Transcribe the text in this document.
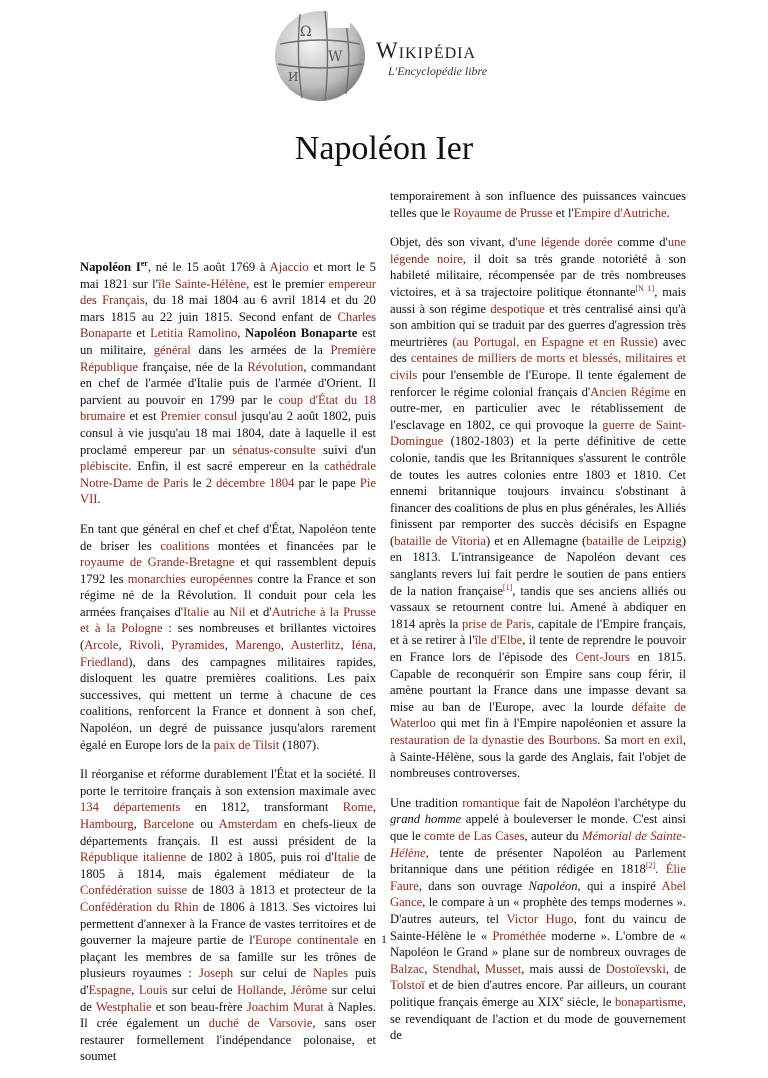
Ω
W
И
Wikipédia
L'Encyclopédie libre
Napoléon Ier

Napoléon Ier, né le 15 août 1769 à Ajaccio et mort le 5 mai 1821 sur l'île Sainte-Hélène, est le premier empereur des Français, du 18 mai 1804 au 6 avril 1814 et du 20 mars 1815 au 22 juin 1815. Second enfant de Charles Bonaparte et Letitia Ramolino, Napoléon Bonaparte est un militaire, général dans les armées de la Première République française, née de la Révolution, commandant en chef de l'armée d'Italie puis de l'armée d'Orient. Il parvient au pouvoir en 1799 par le coup d'État du 18 brumaire et est Premier consul jusqu'au 2 août 1802, puis consul à vie jusqu'au 18 mai 1804, date à laquelle il est proclamé empereur par un sénatus-consulte suivi d'un plébiscite. Enfin, il est sacré empereur en la cathédrale Notre-Dame de Paris le 2 décembre 1804 par le pape Pie VII.

En tant que général en chef et chef d'État, Napoléon tente de briser les coalitions montées et financées par le royaume de Grande-Bretagne et qui rassemblent depuis 1792 les monarchies européennes contre la France et son régime né de la Révolution. Il conduit pour cela les armées françaises d'Italie au Nil et d'Autriche à la Prusse et à la Pologne : ses nombreuses et brillantes victoires (Arcole, Rivoli, Pyramides, Marengo, Austerlitz, Iéna, Friedland), dans des campagnes militaires rapides, disloquent les quatre premières coalitions. Les paix successives, qui mettent un terme à chacune de ces coalitions, renforcent la France et donnent à son chef, Napoléon, un degré de puissance jusqu'alors rarement égalé en Europe lors de la paix de Tilsit (1807).

Il réorganise et réforme durablement l'État et la société. Il porte le territoire français à son extension maximale avec 134 départements en 1812, transformant Rome, Hambourg, Barcelone ou Amsterdam en chefs-lieux de départements français. Il est aussi président de la République italienne de 1802 à 1805, puis roi d'Italie de 1805 à 1814, mais également médiateur de la Confédération suisse de 1803 à 1813 et protecteur de la Confédération du Rhin de 1806 à 1813. Ses victoires lui permettent d'annexer à la France de vastes territoires et de gouverner la majeure partie de l'Europe continentale en plaçant les membres de sa famille sur les trônes de plusieurs royaumes : Joseph sur celui de Naples puis d'Espagne, Louis sur celui de Hollande, Jérôme sur celui de Westphalie et son beau-frère Joachim Murat à Naples. Il crée également un duché de Varsovie, sans oser restaurer formellement l'indépendance polonaise, et soumet

temporairement à son influence des puissances vaincues telles que le Royaume de Prusse et l'Empire d'Autriche.

Objet, dès son vivant, d'une légende dorée comme d'une légende noire, il doit sa très grande notoriété à son habileté militaire, récompensée par de très nombreuses victoires, et à sa trajectoire politique étonnante[N 1], mais aussi à son régime despotique et très centralisé ainsi qu'à son ambition qui se traduit par des guerres d'agression très meurtrières (au Portugal, en Espagne et en Russie) avec des centaines de milliers de morts et blessés, militaires et civils pour l'ensemble de l'Europe. Il tente également de renforcer le régime colonial français d'Ancien Régime en outre-mer, en particulier avec le rétablissement de l'esclavage en 1802, ce qui provoque la guerre de Saint-Domingue (1802-1803) et la perte définitive de cette colonie, tandis que les Britanniques s'assurent le contrôle de toutes les autres colonies entre 1803 et 1810. Cet ennemi britannique toujours invaincu s'obstinant à financer des coalitions de plus en plus générales, les Alliés finissent par remporter des succès décisifs en Espagne (bataille de Vitoria) et en Allemagne (bataille de Leipzig) en 1813. L'intransigeance de Napoléon devant ces sanglants revers lui fait perdre le soutien de pans entiers de la nation française[1], tandis que ses anciens alliés ou vassaux se retournent contre lui. Amené à abdiquer en 1814 après la prise de Paris, capitale de l'Empire français, et à se retirer à l'île d'Elbe, il tente de reprendre le pouvoir en France lors de l'épisode des Cent-Jours en 1815. Capable de reconquérir son Empire sans coup férir, il amène pourtant la France dans une impasse devant sa mise au ban de l'Europe, avec la lourde défaite de Waterloo qui met fin à l'Empire napoléonien et assure la restauration de la dynastie des Bourbons. Sa mort en exil, à Sainte-Hélène, sous la garde des Anglais, fait l'objet de nombreuses controverses.

Une tradition romantique fait de Napoléon l'archétype du grand homme appelé à bouleverser le monde. C'est ainsi que le comte de Las Cases, auteur du Mémorial de Sainte-Hélène, tente de présenter Napoléon au Parlement britannique dans une pétition rédigée en 1818[2]. Élie Faure, dans son ouvrage Napoléon, qui a inspiré Abel Gance, le compare à un « prophète des temps modernes ». D'autres auteurs, tel Victor Hugo, font du vaincu de Sainte-Hélène le « Prométhée moderne ». L'ombre de « Napoléon le Grand » plane sur de nombreux ouvrages de Balzac, Stendhal, Musset, mais aussi de Dostoïevski, de Tolstoï et de bien d'autres encore. Par ailleurs, un courant politique français émerge au XIXe siècle, le bonapartisme, se revendiquant de l'action et du mode de gouvernement de

1
